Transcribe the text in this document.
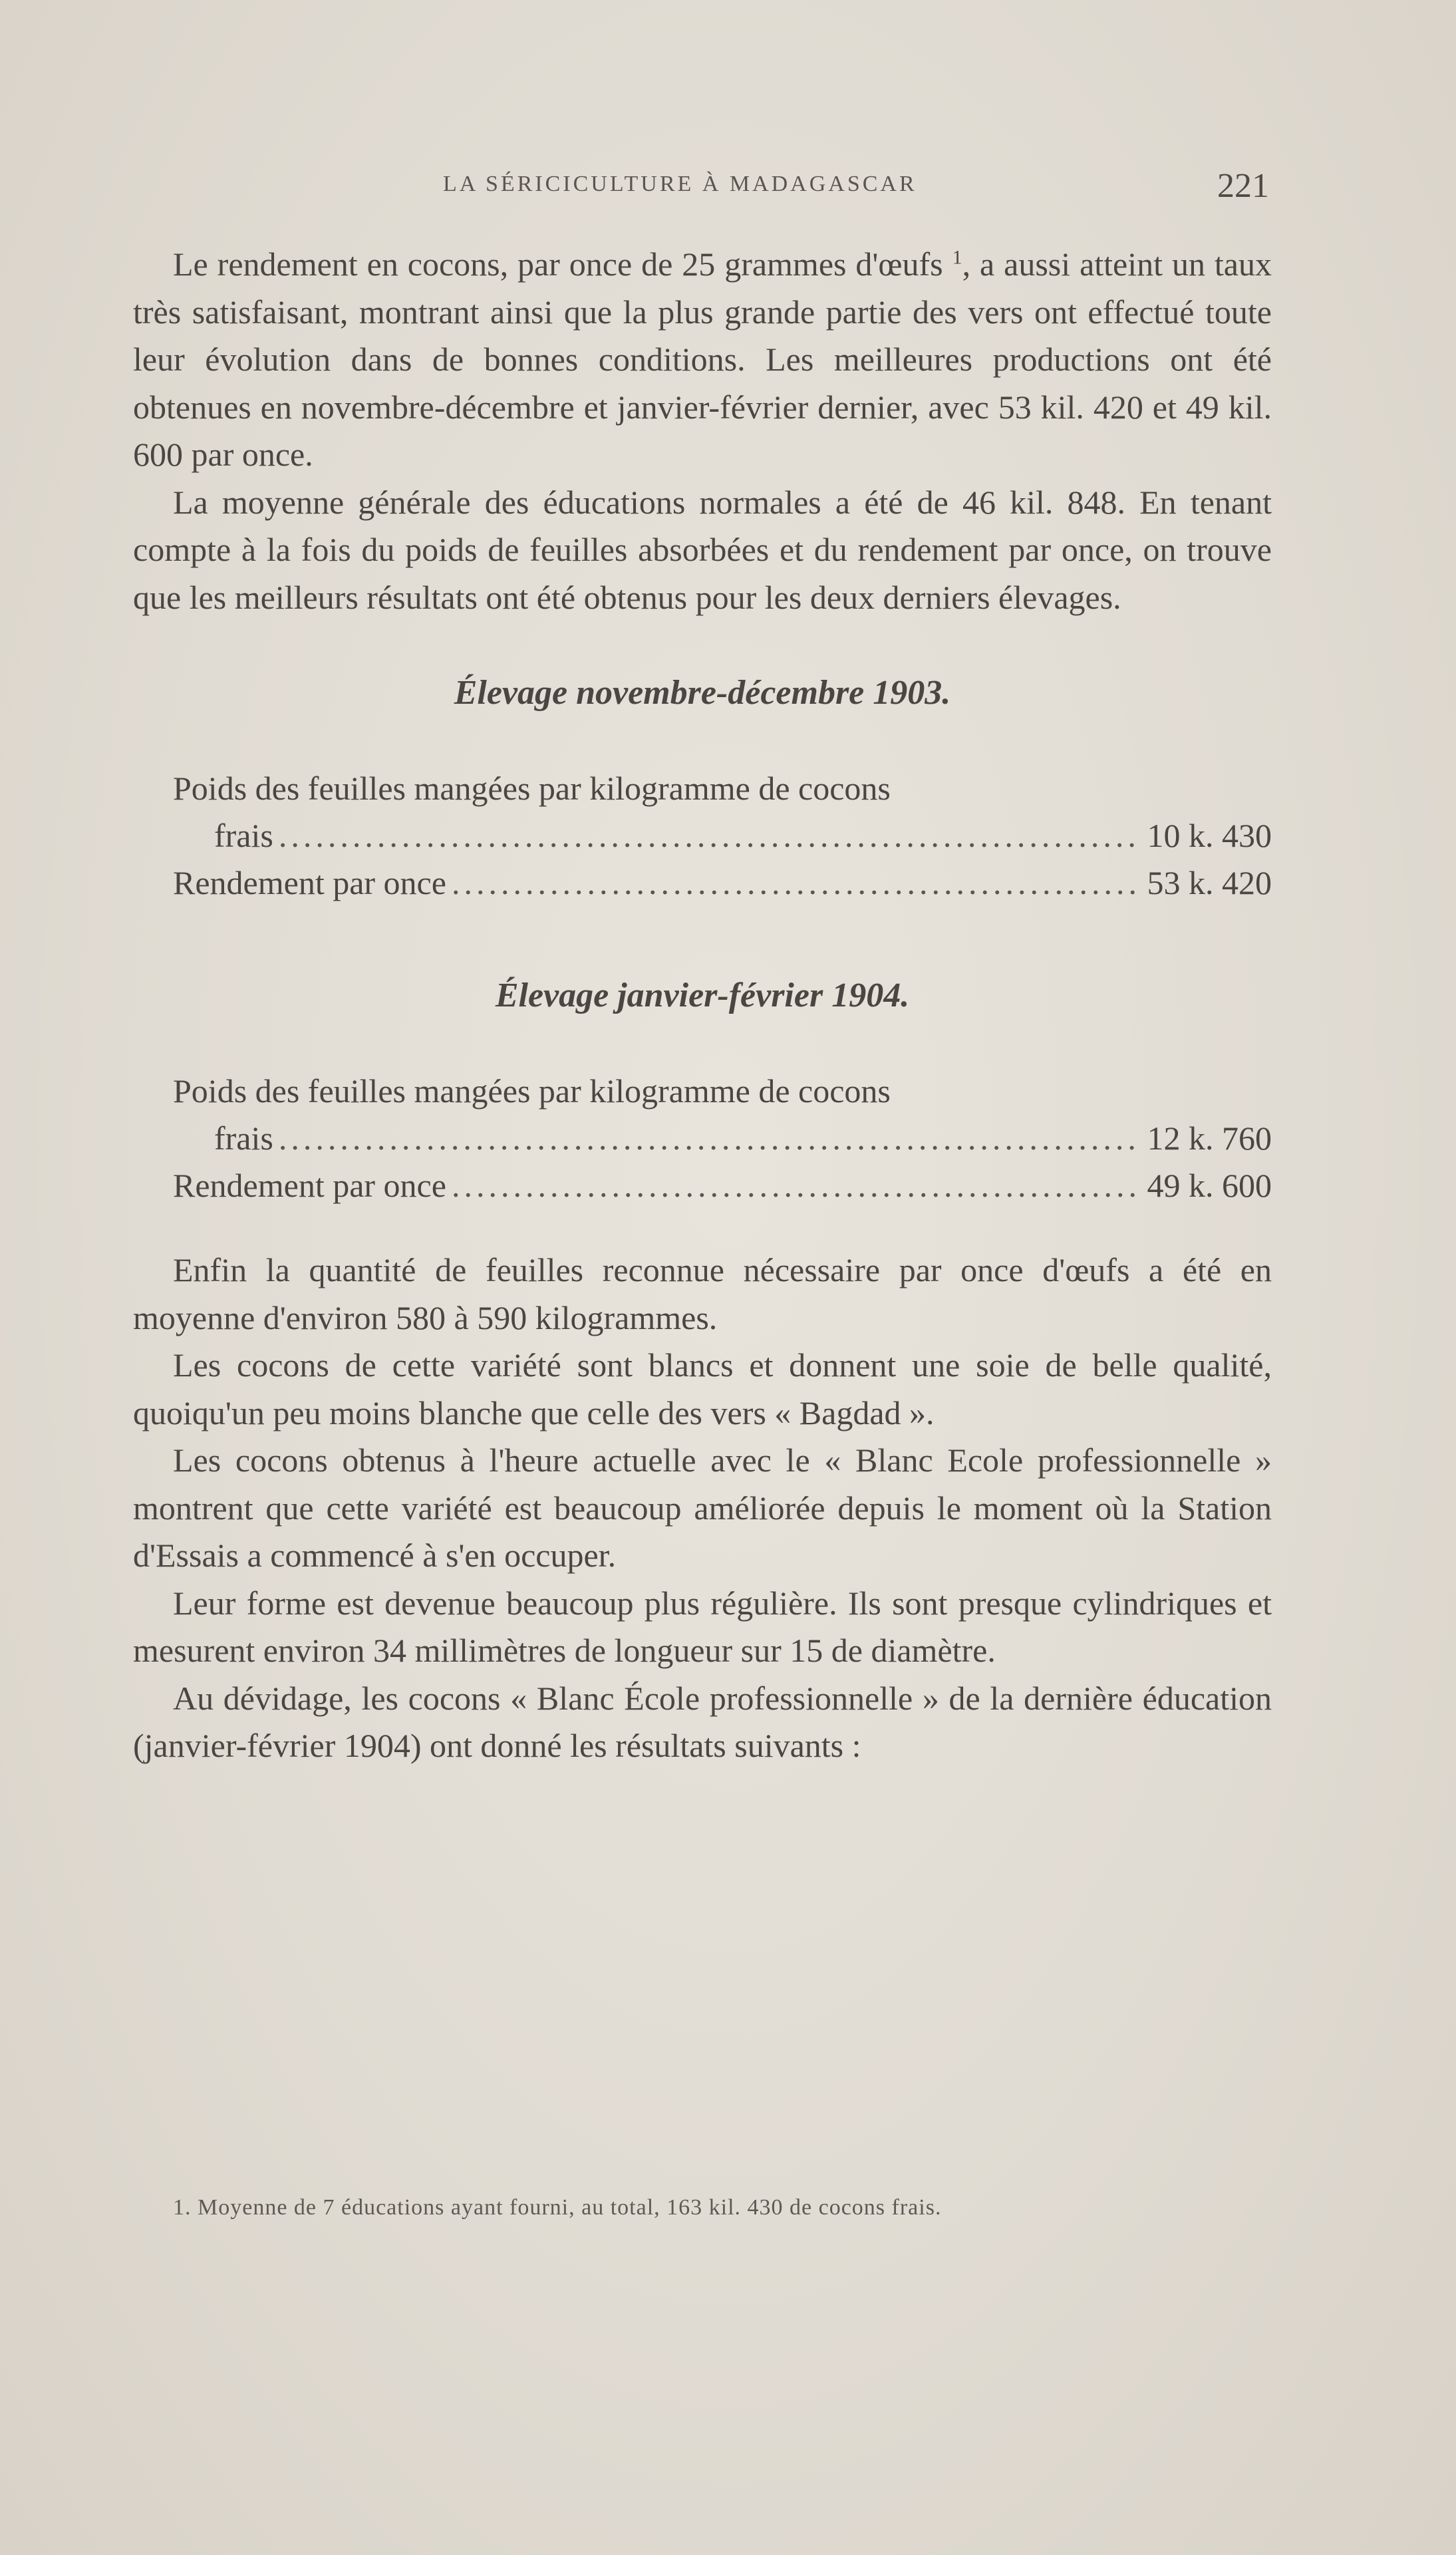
LA SÉRICICULTURE À MADAGASCAR	221

Le rendement en cocons, par once de 25 grammes d'œufs $^1$, a aussi atteint un taux très satisfaisant, montrant ainsi que la plus grande partie des vers ont effectué toute leur évolution dans de bonnes conditions. Les meilleures productions ont été obtenues en novembre-décembre et janvier-février dernier, avec 53 kil. 420 et 49 kil. 600 par once.

La moyenne générale des éducations normales a été de 46 kil. 848. En tenant compte à la fois du poids de feuilles absorbées et du rendement par once, on trouve que les meilleurs résultats ont été obtenus pour les deux derniers élevages.

Élevage novembre-décembre 1903.
Poids des feuilles mangées par kilogramme de cocons
frais .....	10 k. 430
Rendement par once .....	53 k. 420
Élevage janvier-février 1904.
Poids des feuilles mangées par kilogramme de cocons
frais .....	12 k. 760
Rendement par once .....	49 k. 600

Enfin la quantité de feuilles reconnue nécessaire par once d'œufs a été en moyenne d'environ 580 à 590 kilogrammes.

Les cocons de cette variété sont blancs et donnent une soie de belle qualité, quoiqu'un peu moins blanche que celle des vers « Bagdad ».

Les cocons obtenus à l'heure actuelle avec le « Blanc Ecole professionnelle » montrent que cette variété est beaucoup améliorée depuis le moment où la Station d'Essais a commencé à s'en occuper.

Leur forme est devenue beaucoup plus régulière. Ils sont presque cylindriques et mesurent environ 34 millimètres de longueur sur 15 de diamètre.

Au dévidage, les cocons « Blanc École professionnelle » de la dernière éducation (janvier-février 1904) ont donné les résultats suivants :

1. Moyenne de 7 éducations ayant fourni, au total, 163 kil. 430 de cocons frais.
